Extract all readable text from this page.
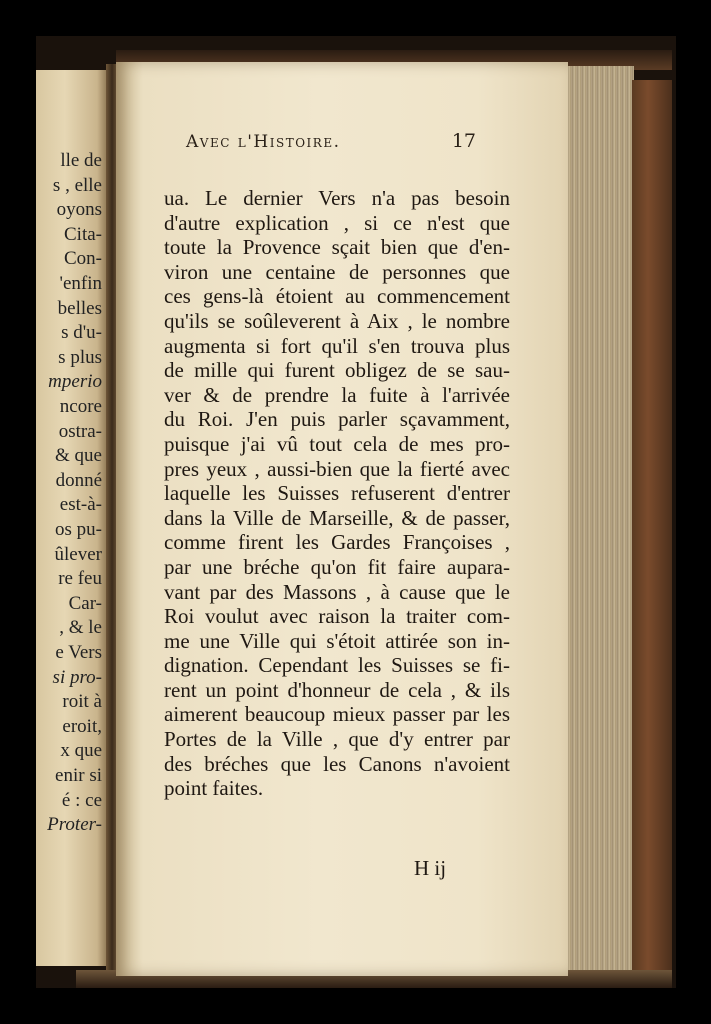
lle de
s , elle
oyons
Cita-
Con-
'enfin
belles
s d'u-
s plus
mperio
ncore
ostra-
& que
donné
est-à-
os pu-
ûlever
re feu
Car-
, & le
e Vers
si pro-
roit à
eroit,
x que
enir si
é : ce
Proter-
Avec l'Histoire.	17
ua. Le dernier Vers n'a pas besoin
d'autre explication , si ce n'est que
toute la Provence sçait bien que d'en-
viron une centaine de personnes que
ces gens-là étoient au commencement
qu'ils se soûleverent à Aix , le nombre
augmenta si fort qu'il s'en trouva plus
de mille qui furent obligez de se sau-
ver & de prendre la fuite à l'arrivée
du Roi. J'en puis parler sçavamment,
puisque j'ai vû tout cela de mes pro-
pres yeux , aussi-bien que la fierté avec
laquelle les Suisses refuserent d'entrer
dans la Ville de Marseille, & de passer,
comme firent les Gardes Françoises ,
par une bréche qu'on fit faire aupara-
vant par des Massons , à cause que le
Roi voulut avec raison la traiter com-
me une Ville qui s'étoit attirée son in-
dignation. Cependant les Suisses se fi-
rent un point d'honneur de cela , & ils
aimerent beaucoup mieux passer par les
Portes de la Ville , que d'y entrer par
des bréches que les Canons n'avoient
point faites.
H ij
